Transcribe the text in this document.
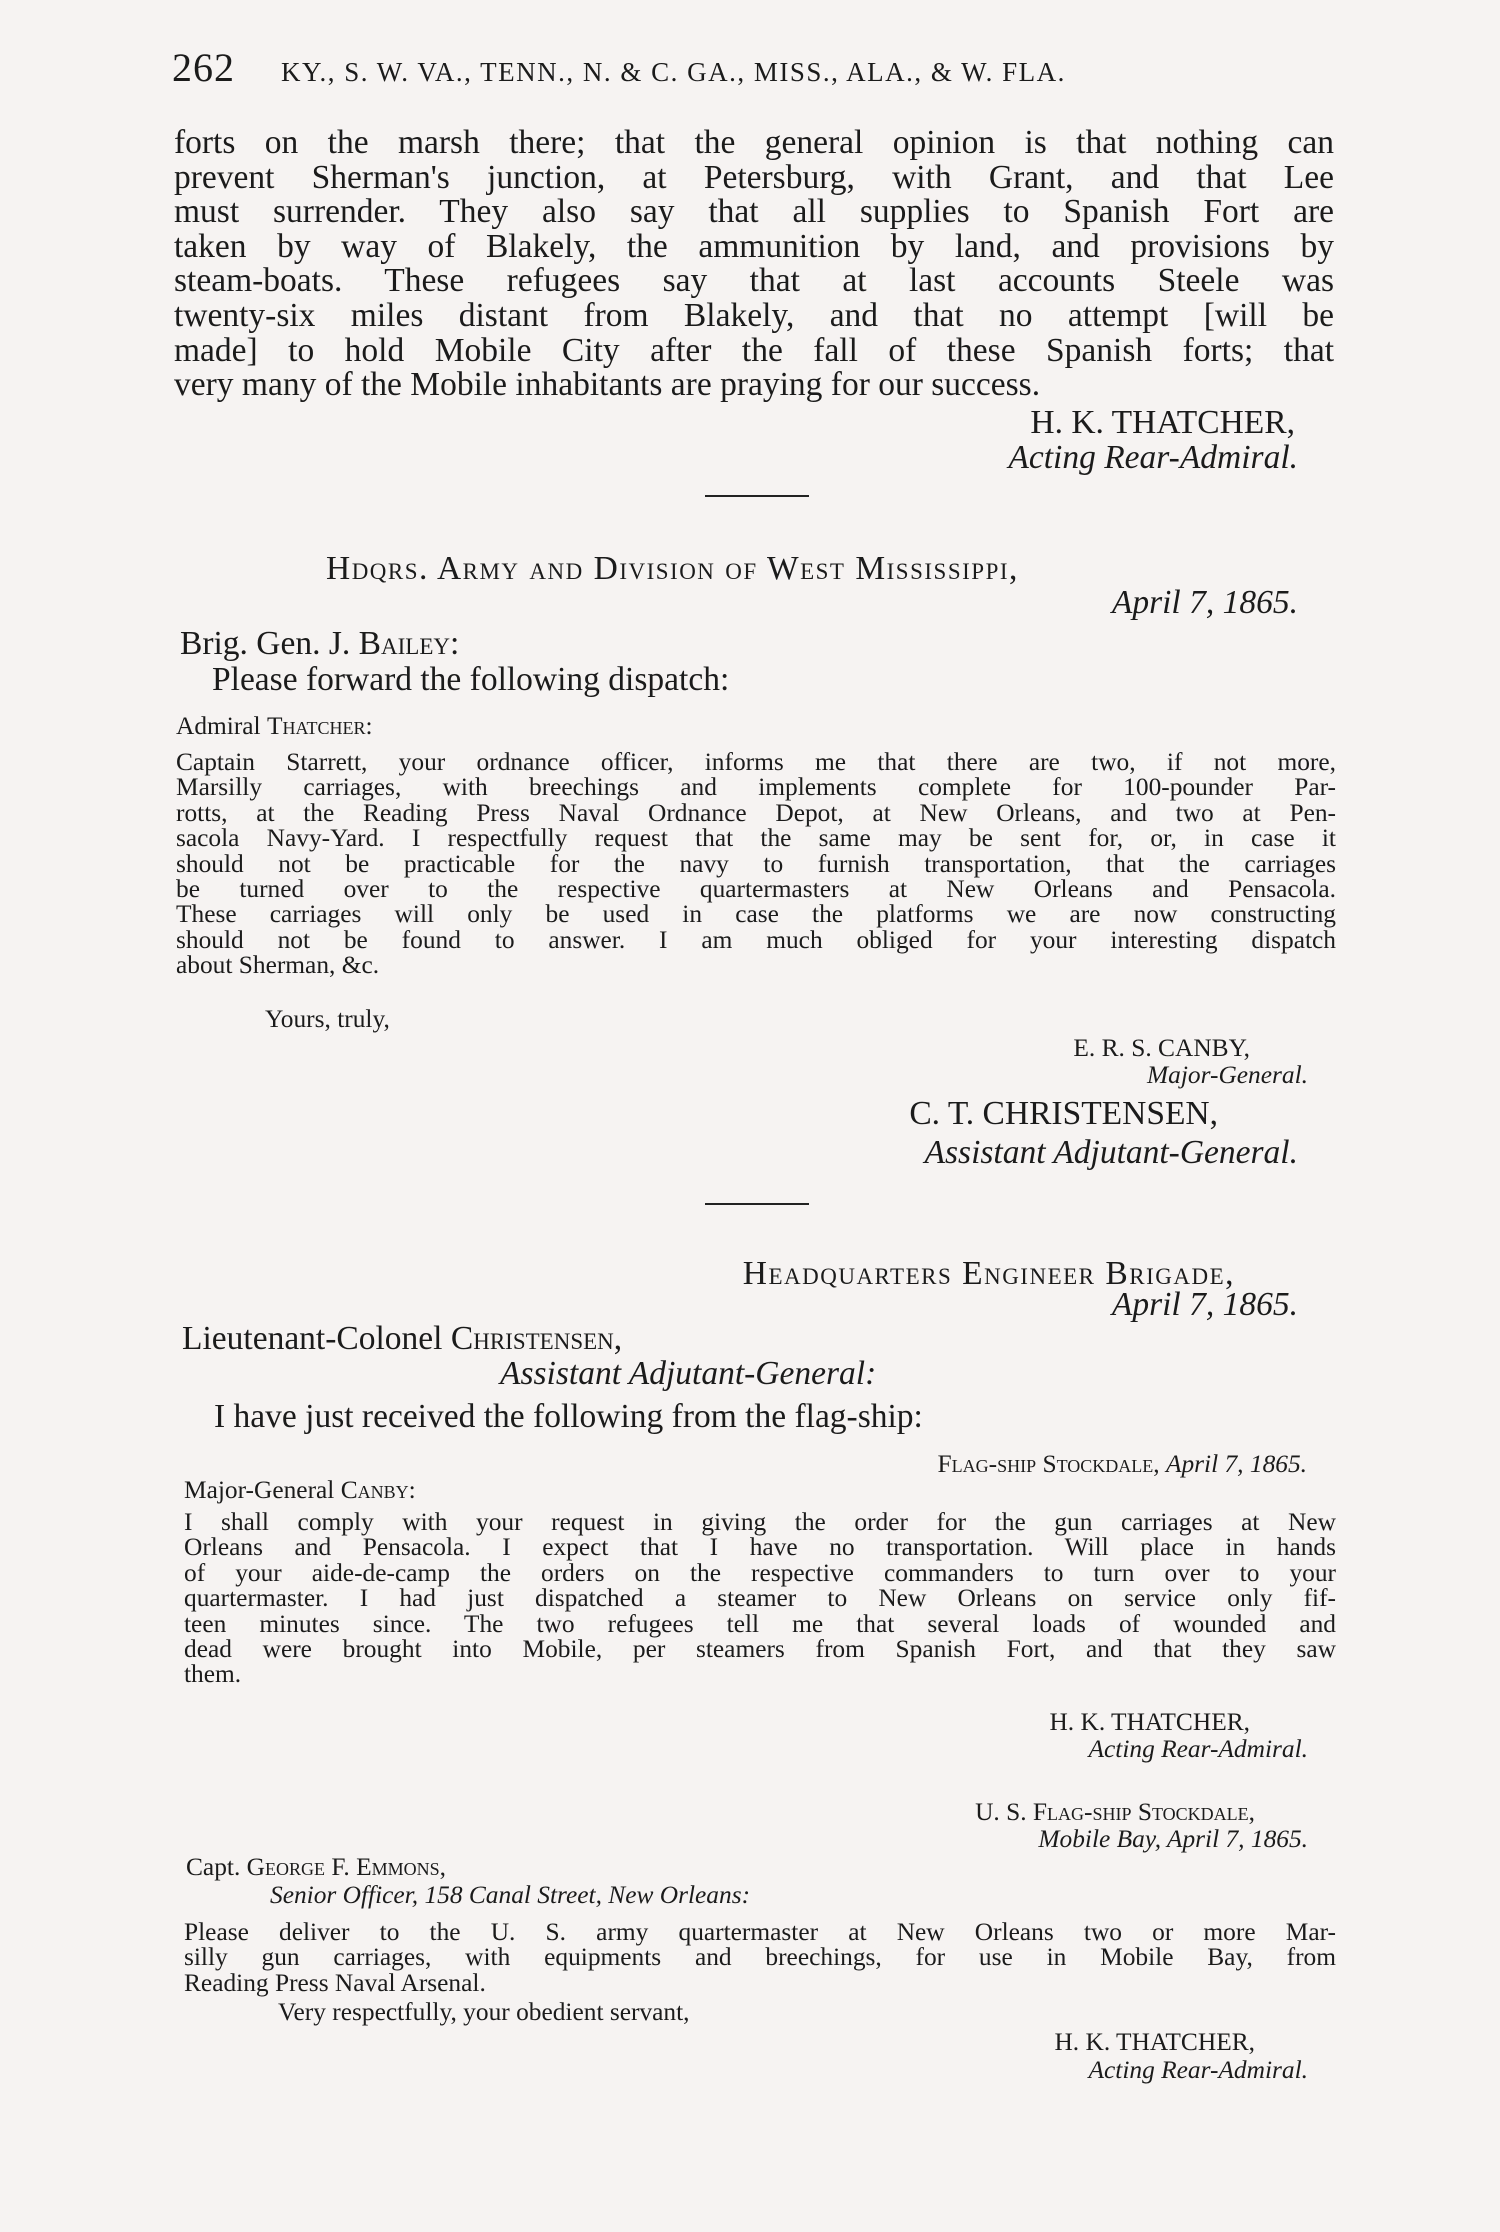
262 KY., S. W. VA., TENN., N. & C. GA., MISS., ALA., & W. FLA.
forts on the marsh there; that the general opinion is that nothing can
prevent Sherman's junction, at Petersburg, with Grant, and that Lee
must surrender. They also say that all supplies to Spanish Fort are
taken by way of Blakely, the ammunition by land, and provisions by
steam-boats. These refugees say that at last accounts Steele was
twenty-six miles distant from Blakely, and that no attempt [will be
made] to hold Mobile City after the fall of these Spanish forts; that
very many of the Mobile inhabitants are praying for our success.
H. K. THATCHER,
Acting Rear-Admiral.
Hdqrs. Army and Division of West Mississippi,
April 7, 1865.
Brig. Gen. J. Bailey:
Please forward the following dispatch:
Admiral Thatcher:
Captain Starrett, your ordnance officer, informs me that there are two, if not more,
Marsilly carriages, with breechings and implements complete for 100-pounder Par-
rotts, at the Reading Press Naval Ordnance Depot, at New Orleans, and two at Pen-
sacola Navy-Yard. I respectfully request that the same may be sent for, or, in case it
should not be practicable for the navy to furnish transportation, that the carriages
be turned over to the respective quartermasters at New Orleans and Pensacola.
These carriages will only be used in case the platforms we are now constructing
should not be found to answer. I am much obliged for your interesting dispatch
about Sherman, &c.
Yours, truly,
E. R. S. CANBY,
Major-General.
C. T. CHRISTENSEN,
Assistant Adjutant-General.
Headquarters Engineer Brigade,
April 7, 1865.
Lieutenant-Colonel Christensen,
Assistant Adjutant-General:
I have just received the following from the flag-ship:
Flag-ship Stockdale, April 7, 1865.
Major-General Canby:
I shall comply with your request in giving the order for the gun carriages at New
Orleans and Pensacola. I expect that I have no transportation. Will place in hands
of your aide-de-camp the orders on the respective commanders to turn over to your
quartermaster. I had just dispatched a steamer to New Orleans on service only fif-
teen minutes since. The two refugees tell me that several loads of wounded and
dead were brought into Mobile, per steamers from Spanish Fort, and that they saw
them.
H. K. THATCHER,
Acting Rear-Admiral.
U. S. Flag-ship Stockdale,
Mobile Bay, April 7, 1865.
Capt. George F. Emmons,
Senior Officer, 158 Canal Street, New Orleans:
Please deliver to the U. S. army quartermaster at New Orleans two or more Mar-
silly gun carriages, with equipments and breechings, for use in Mobile Bay, from
Reading Press Naval Arsenal.
Very respectfully, your obedient servant,
H. K. THATCHER,
Acting Rear-Admiral.
